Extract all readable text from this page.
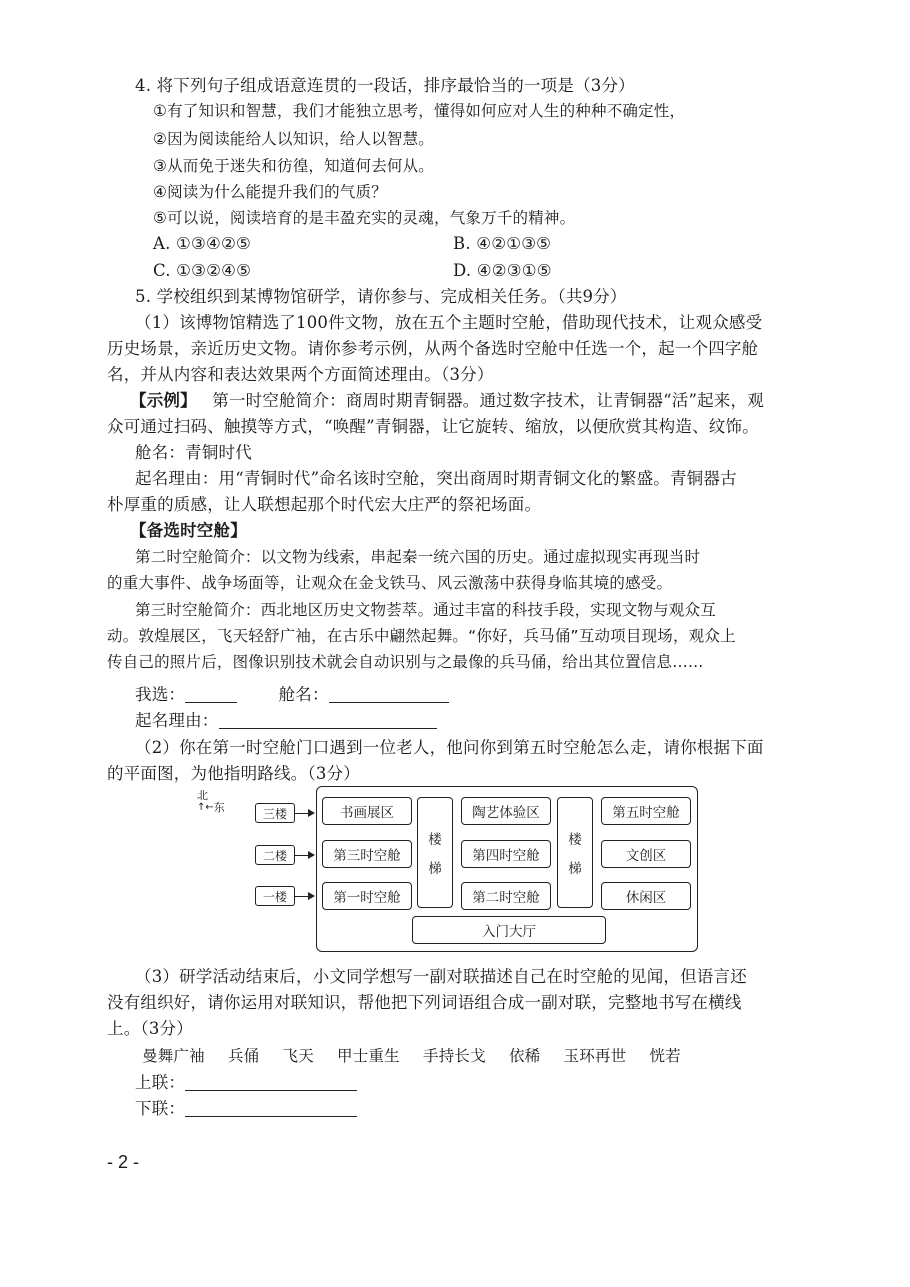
4. 将下列句子组成语意连贯的一段话，排序最恰当的一项是（3分）
①有了知识和智慧，我们才能独立思考，懂得如何应对人生的种种不确定性，
②因为阅读能给人以知识，给人以智慧。
③从而免于迷失和彷徨，知道何去何从。
④阅读为什么能提升我们的气质？
⑤可以说，阅读培育的是丰盈充实的灵魂，气象万千的精神。
A. ①③④②⑤	B. ④②①③⑤
C. ①③②④⑤	D. ④②③①⑤
5. 学校组织到某博物馆研学，请你参与、完成相关任务。（共9分）
（1）该博物馆精选了100件文物，放在五个主题时空舱，借助现代技术，让观众感受
历史场景，亲近历史文物。请你参考示例，从两个备选时空舱中任选一个，起一个四字舱
名，并从内容和表达效果两个方面简述理由。（3分）
【示例】 第一时空舱简介：商周时期青铜器。通过数字技术，让青铜器“活”起来，观
众可通过扫码、触摸等方式，“唤醒”青铜器，让它旋转、缩放，以便欣赏其构造、纹饰。
舱名：青铜时代
起名理由：用“青铜时代”命名该时空舱，突出商周时期青铜文化的繁盛。青铜器古
朴厚重的质感，让人联想起那个时代宏大庄严的祭祀场面。
【备选时空舱】
第二时空舱简介：以文物为线索，串起秦一统六国的历史。通过虚拟现实再现当时
的重大事件、战争场面等，让观众在金戈铁马、风云激荡中获得身临其境的感受。
第三时空舱简介：西北地区历史文物荟萃。通过丰富的科技手段，实现文物与观众互
动。敦煌展区，飞天轻舒广袖，在古乐中翩然起舞。“你好，兵马俑”互动项目现场，观众上
传自己的照片后，图像识别技术就会自动识别与之最像的兵马俑，给出其位置信息……
我选：	舱名：
起名理由：
（2）你在第一时空舱门口遇到一位老人，他问你到第五时空舱怎么走，请你根据下面
的平面图，为他指明路线。（3分）
北
↑← 东	三楼
二楼
一楼
书画展区
第三时空舱
第一时空舱
楼
梯
陶艺体验区
第四时空舱
第二时空舱
楼
梯
第五时空舱
文创区
休闲区
入门大厅
（3）研学活动结束后，小文同学想写一副对联描述自己在时空舱的见闻，但语言还
没有组织好，请你运用对联知识，帮他把下列词语组合成一副对联，完整地书写在横线
上。（3分）
曼舞广袖 兵俑 飞天 甲士重生 手持长戈 依稀 玉环再世 恍若
上联：
下联：
- 2 -
